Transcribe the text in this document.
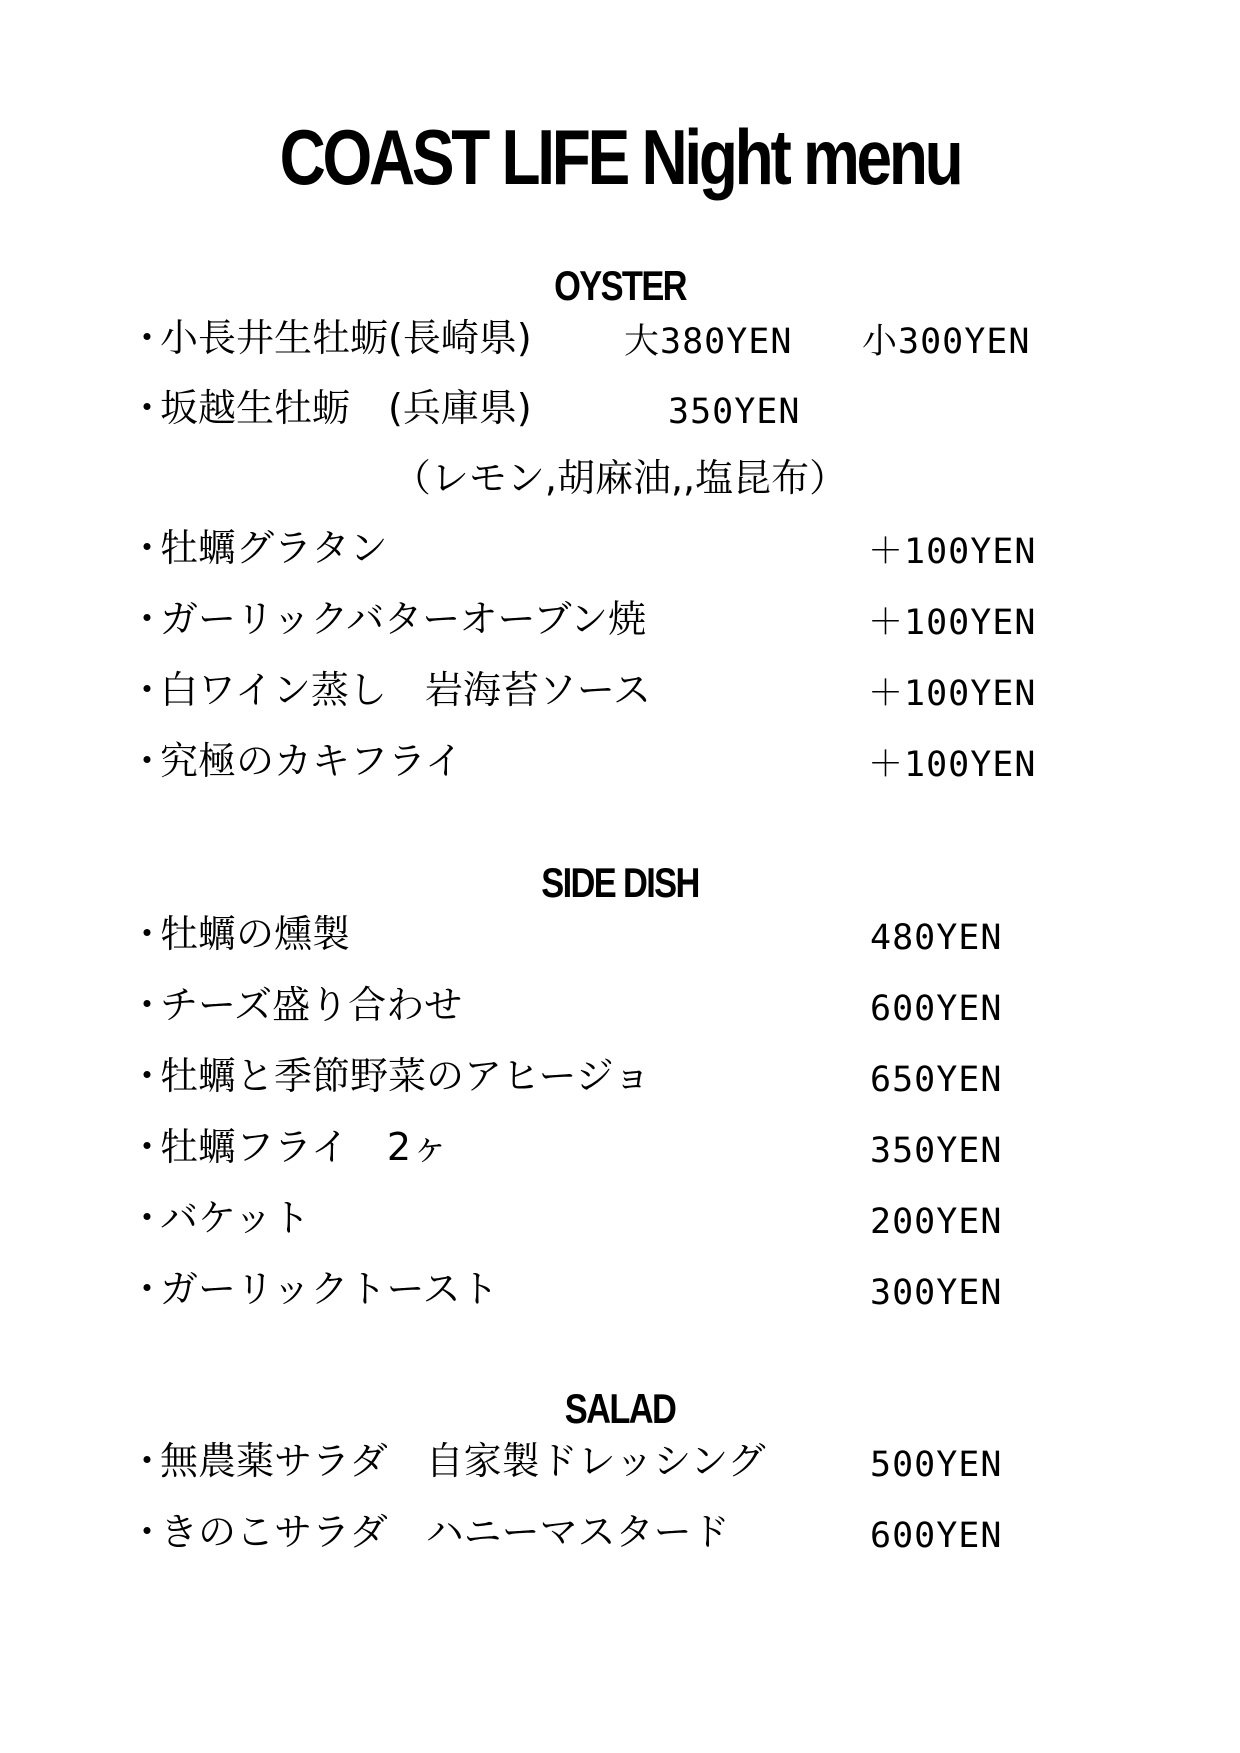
COAST LIFE Night menu
OYSTER
・小長井生牡蛎(長崎県)	大380YEN 小300YEN
・坂越生牡蛎　(兵庫県)	350YEN
（レモン,胡麻油,,塩昆布）
・牡蠣グラタン	＋100YEN
・ガーリックバターオーブン焼	＋100YEN
・白ワイン蒸し　岩海苔ソース	＋100YEN
・究極のカキフライ	＋100YEN
SIDE DISH
・牡蠣の燻製	480YEN
・チーズ盛り合わせ	600YEN
・牡蠣と季節野菜のアヒージョ	650YEN
・牡蠣フライ　2ヶ	350YEN
・バケット	200YEN
・ガーリックトースト	300YEN
SALAD
・無農薬サラダ　自家製ドレッシング	500YEN
・きのこサラダ　ハニーマスタード	600YEN
